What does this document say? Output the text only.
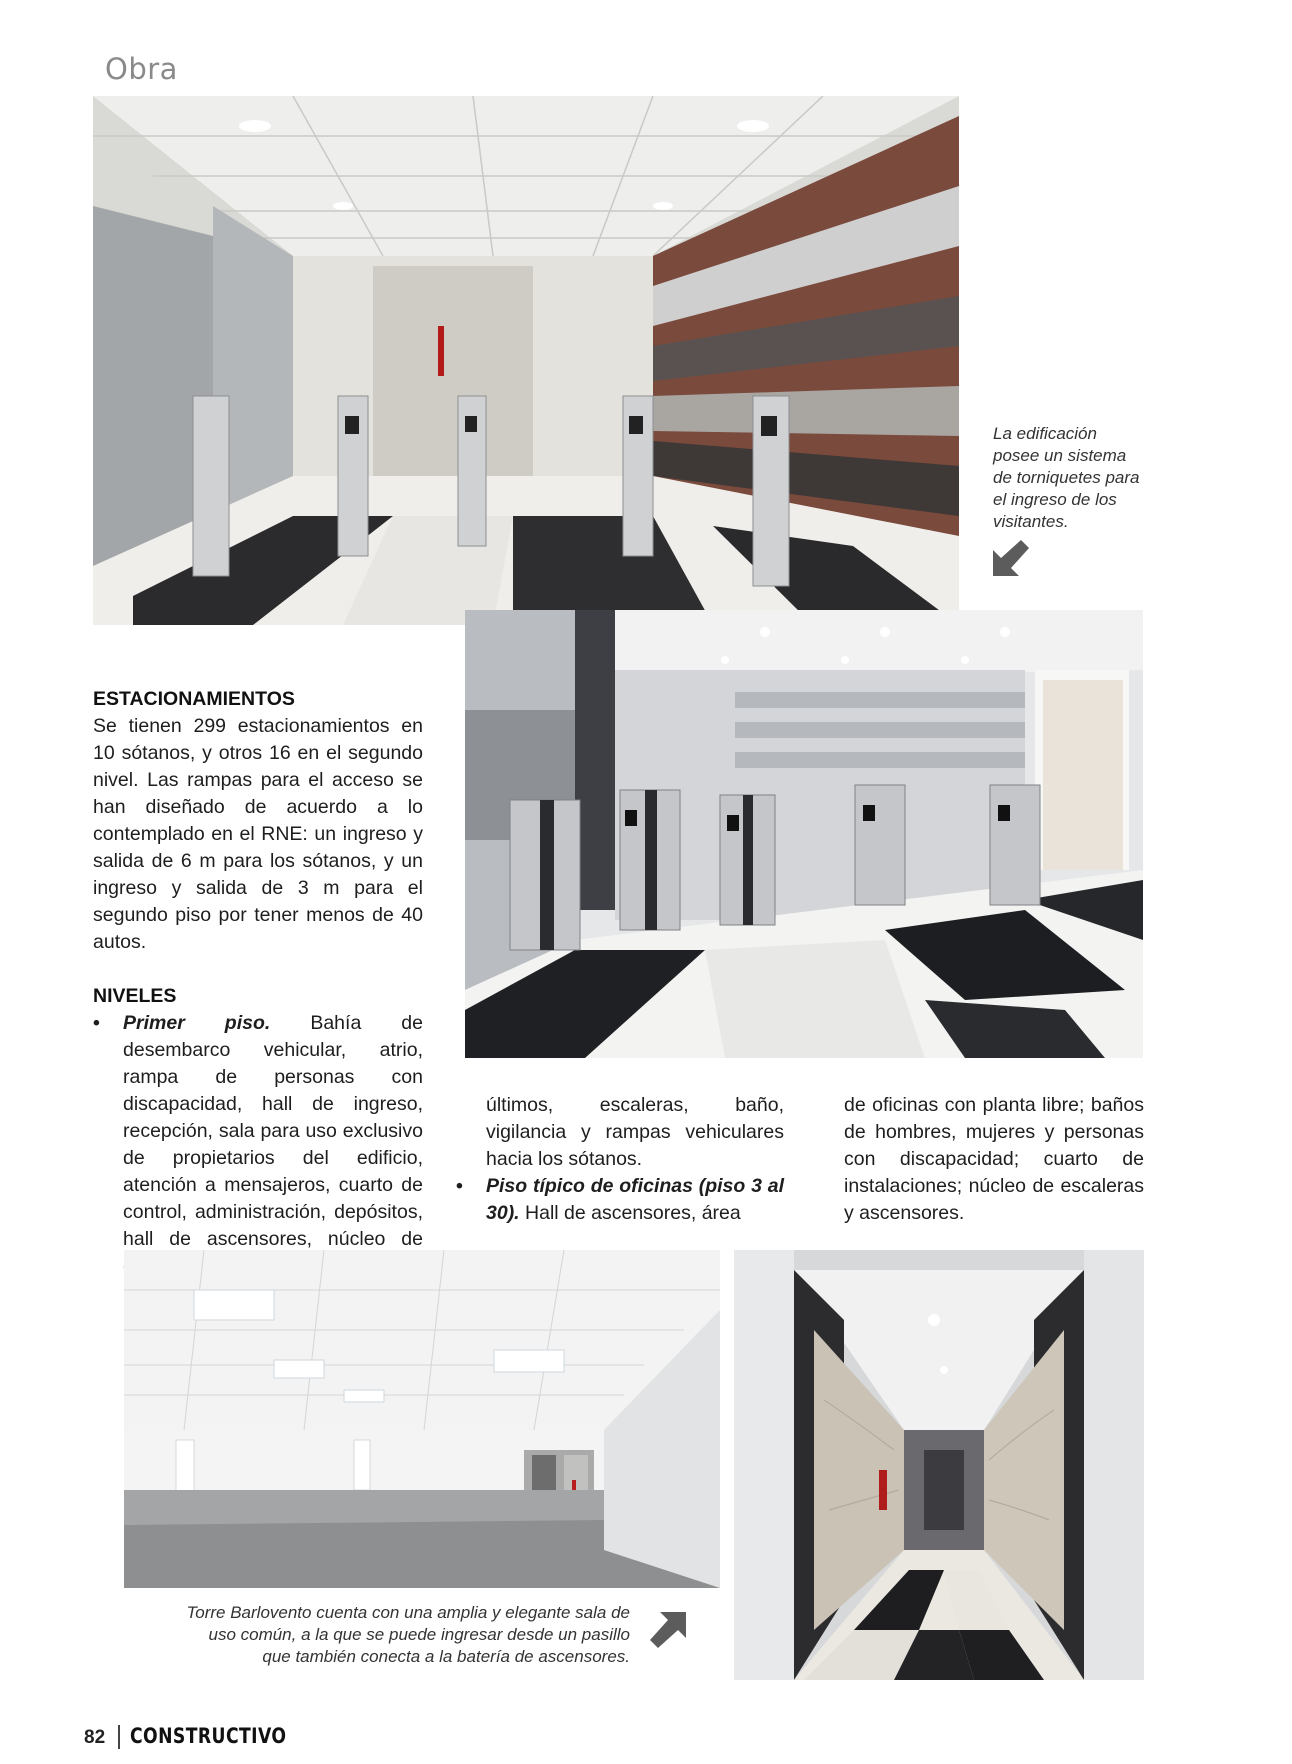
Obra
La edificación
posee un sistema
de torniquetes para
el ingreso de los
visitantes.
ESTACIONAMIENTOS

Se tienen 299 estacionamientos en 10 sótanos, y otros 16 en el segundo nivel. Las rampas para el acceso se han diseñado de acuerdo a lo contemplado en el RNE: un ingreso y salida de 6 m para los sótanos, y un ingreso y salida de 3 m para el segundo piso por tener menos de 40 autos.

NIVELES
•	Primer piso. Bahía de desembarco vehicular, atrio, rampa de personas con discapacidad, hall de ingreso, recepción, sala para uso exclusivo de propietarios del edificio, atención a mensajeros, cuarto de control, administración, depósitos, hall de ascensores, núcleo de

últimos, escaleras, baño, vigilancia y rampas vehiculares hacia los sótanos.

•	Piso típico de oficinas (piso 3 al 30). Hall de ascensores, área

de oficinas con planta libre; baños de hombres, mujeres y personas con discapacidad; cuarto de instalaciones; núcleo de escaleras y ascensores.

Torre Barlovento cuenta con una amplia y elegante sala de
uso común, a la que se puede ingresar desde un pasillo
que también conecta a la batería de ascensores.
82 CONSTRUCTIVO
